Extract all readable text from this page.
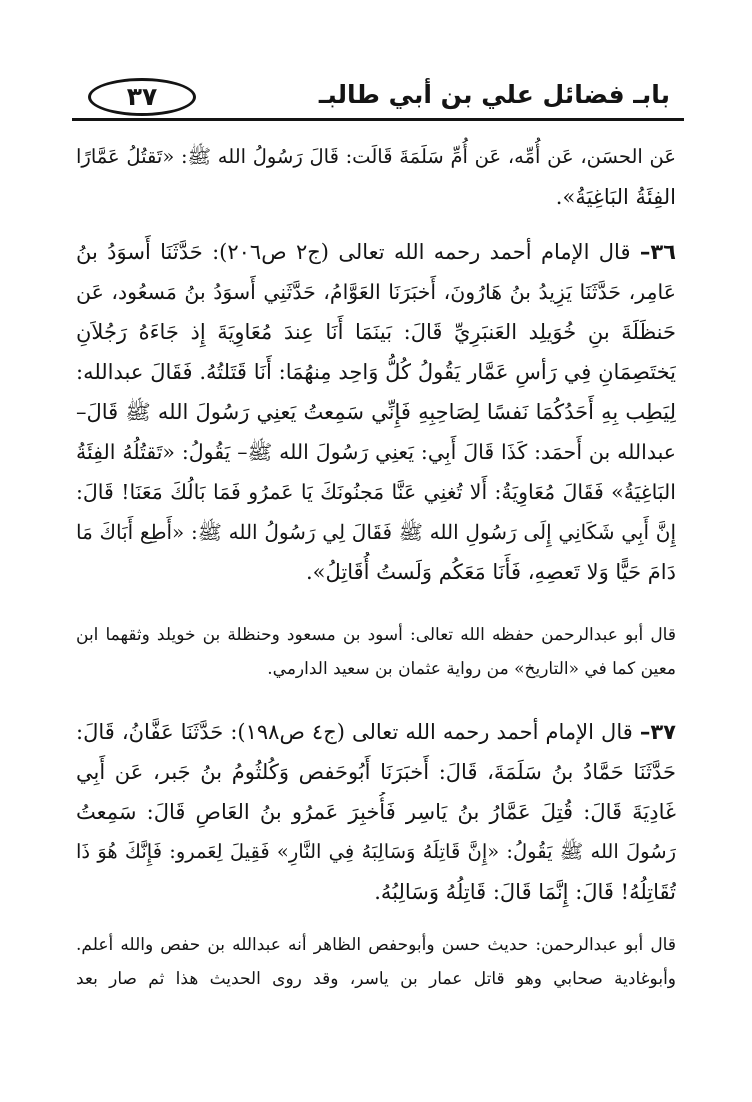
بابـ فضائل علي بن أبي طالبـ
٣٧
عَن الحسَن، عَن أُمِّه، عَن أُمِّ سَلَمَةَ قَالَت: قَالَ رَسُولُ الله ﷺ: «تَقتُلُ عَمَّارًا
الفِئَةُ البَاغِيَةُ».
٣٦– قال الإمام أحمد رحمه الله تعالى (ج٢ ص٢٠٦): حَدَّثَنَا أَسوَدُ بنُ
عَامِر، حَدَّثَنَا يَزِيدُ بنُ هَارُونَ، أَخبَرَنَا العَوَّامُ، حَدَّثَنِي أَسوَدُ بنُ مَسعُود، عَن
حَنظَلَةَ بنِ خُوَيلِد العَنبَرِيِّ قَالَ: بَينَمَا أَنَا عِندَ مُعَاوِيَةَ إِذ جَاءَهُ رَجُلاَنِ
يَختَصِمَانِ فِي رَأسِ عَمَّار يَقُولُ كُلُّ وَاحِد مِنهُمَا: أَنَا قَتَلتُهُ. فَقَالَ عبدالله:
لِيَطِب بِهِ أَحَدُكُمَا نَفسًا لِصَاحِبِهِ فَإِنِّي سَمِعتُ يَعنِي رَسُولَ الله ﷺ قَالَ–
عبدالله بن أَحمَد: كَذَا قَالَ أَبِي: يَعنِي رَسُولَ الله ﷺ– يَقُولُ: «تَقتُلُهُ الفِئَةُ
البَاغِيَةُ» فَقَالَ مُعَاوِيَةُ: أَلا تُغنِي عَنَّا مَجنُونَكَ يَا عَمرُو فَمَا بَالُكَ مَعَنَا! قَالَ:
إِنَّ أَبِي شَكَانِي إِلَى رَسُولِ الله ﷺ فَقَالَ لِي رَسُولُ الله ﷺ: «أَطِع أَبَاكَ مَا
دَامَ حَيًّا وَلا تَعصِهِ، فَأَنَا مَعَكُم وَلَستُ أُقَاتِلُ».
قال أبو عبدالرحمن حفظه الله تعالى: أسود بن مسعود وحنظلة بن خويلد وثقهما ابن
معين كما في «التاريخ» من رواية عثمان بن سعيد الدارمي.
٣٧– قال الإمام أحمد رحمه الله تعالى (ج٤ ص١٩٨): حَدَّثَنَا عَفَّانُ، قَالَ:
حَدَّثَنَا حَمَّادُ بنُ سَلَمَةَ، قَالَ: أَخبَرَنَا أَبُوحَفص وَكُلثُومُ بنُ جَبر، عَن أَبِي
غَادِيَةَ قَالَ: قُتِلَ عَمَّارُ بنُ يَاسِر فَأُخبِرَ عَمرُو بنُ العَاصِ قَالَ: سَمِعتُ
رَسُولَ الله ﷺ يَقُولُ: «إِنَّ قَاتِلَهُ وَسَالِبَهُ فِي النَّارِ» فَقِيلَ لِعَمرو: فَإِنَّكَ هُوَ ذَا
تُقَاتِلُهُ! قَالَ: إِنَّمَا قَالَ: قَاتِلُهُ وَسَالِبُهُ.
قال أبو عبدالرحمن: حديث حسن وأبوحفص الظاهر أنه عبدالله بن حفص والله أعلم.
وأبوغادية صحابي وهو قاتل عمار بن ياسر، وقد روى الحديث هذا ثم صار بعد
